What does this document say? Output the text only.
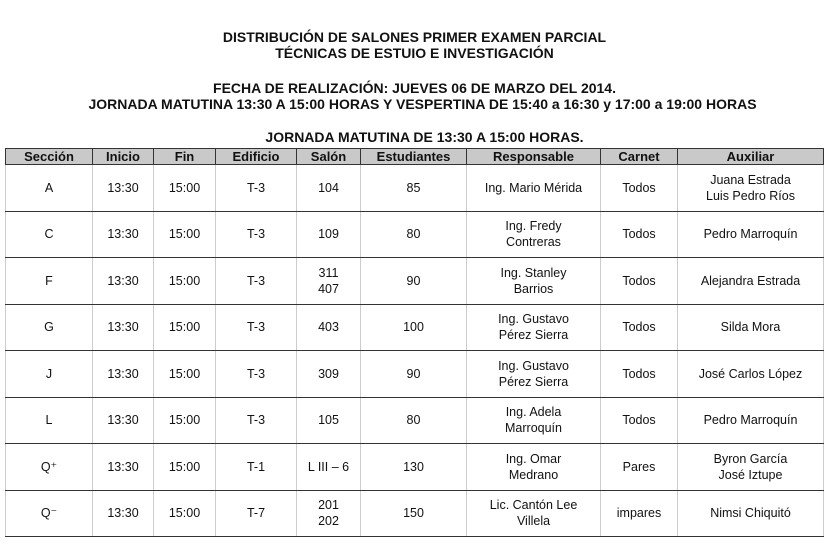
DISTRIBUCIÓN DE SALONES PRIMER EXAMEN PARCIAL
TÉCNICAS DE ESTUIO E INVESTIGACIÓN
FECHA DE REALIZACIÓN: JUEVES 06 DE MARZO DEL 2014.
JORNADA MATUTINA 13:30 A 15:00 HORAS Y VESPERTINA DE 15:40 a 16:30 y 17:00 a 19:00 HORAS
JORNADA MATUTINA DE 13:30 A 15:00 HORAS.
Sección	Inicio	Fin	Edificio	Salón	Estudiantes	Responsable	Carnet	Auxiliar

A	13:30	15:00	T-3	104	85	Ing. Mario Mérida	Todos	Juana Estrada
Luis Pedro Ríos

C	13:30	15:00	T-3	109	80	Ing. Fredy
Contreras	Todos	Pedro Marroquín

F	13:30	15:00	T-3	311
407	90	Ing. Stanley
Barrios	Todos	Alejandra Estrada

G	13:30	15:00	T-3	403	100	Ing. Gustavo
Pérez Sierra	Todos	Silda Mora

J	13:30	15:00	T-3	309	90	Ing. Gustavo
Pérez Sierra	Todos	José Carlos López

L	13:30	15:00	T-3	105	80	Ing. Adela
Marroquín	Todos	Pedro Marroquín

Q⁺	13:30	15:00	T-1	L III – 6	130	Ing. Omar
Medrano	Pares	Byron García
José Iztupe

Q⁻	13:30	15:00	T-7	201
202	150	Lic. Cantón Lee
Villela	impares	Nimsi Chiquitó
